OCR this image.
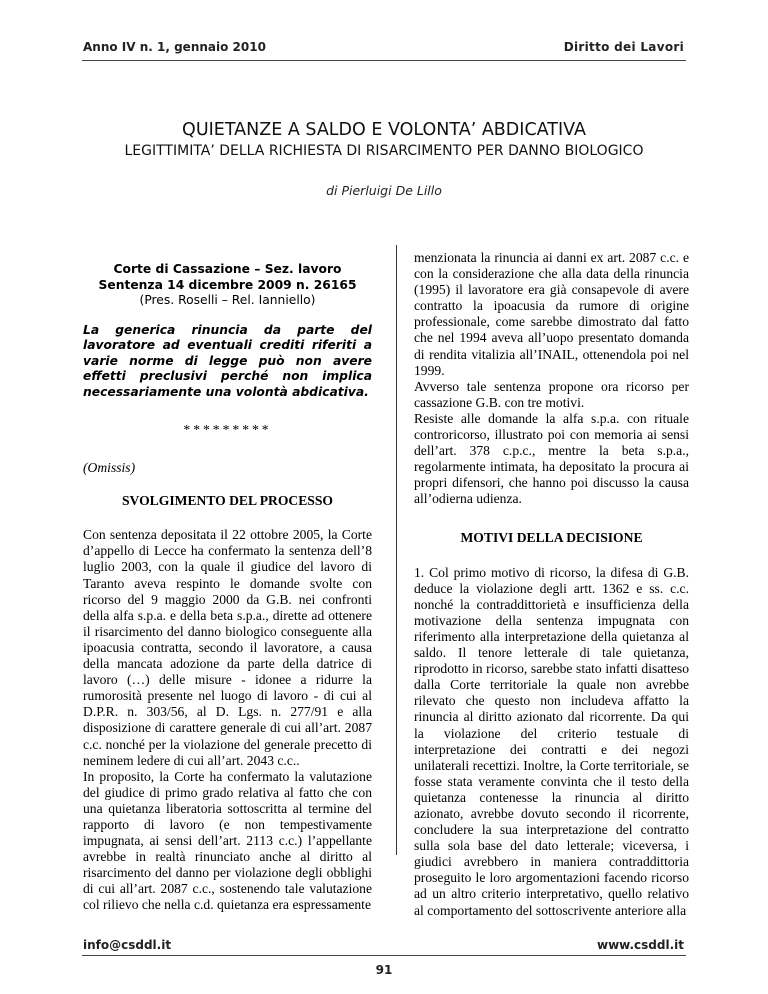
Anno IV n. 1, gennaio 2010	Diritto dei Lavori
QUIETANZE A SALDO E VOLONTA’ ABDICATIVA
LEGITTIMITA’ DELLA RICHIESTA DI RISARCIMENTO PER DANNO BIOLOGICO
di Pierluigi De Lillo
Corte di Cassazione – Sez. lavoro
Sentenza 14 dicembre 2009 n. 26165
(Pres. Roselli – Rel. Ianniello)
La generica rinuncia da parte del lavoratore ad eventuali crediti riferiti a varie norme di legge può non avere effetti preclusivi perché non implica necessariamente una volontà abdicativa.
*********
(Omissis)
SVOLGIMENTO DEL PROCESSO
Con sentenza depositata il 22 ottobre 2005, la Corte d’appello di Lecce ha confermato la sentenza dell’8 luglio 2003, con la quale il giudice del lavoro di Taranto aveva respinto le domande svolte con ricorso del 9 maggio 2000 da G.B. nei confronti della alfa s.p.a. e della beta s.p.a., dirette ad ottenere il risarcimento del danno biologico conseguente alla ipoacusia contratta, secondo il lavoratore, a causa della mancata adozione da parte della datrice di lavoro (…) delle misure - idonee a ridurre la rumorosità presente nel luogo di lavoro - di cui al D.P.R. n. 303/56, al D. Lgs. n. 277/91 e alla disposizione di carattere generale di cui all’art. 2087 c.c. nonché per la violazione del generale precetto di neminem ledere di cui all’art. 2043 c.c..
In proposito, la Corte ha confermato la valutazione del giudice di primo grado relativa al fatto che con una quietanza liberatoria sottoscritta al termine del rapporto di lavoro (e non tempestivamente impugnata, ai sensi dell’art. 2113 c.c.) l’appellante avrebbe in realtà rinunciato anche al diritto al risarcimento del danno per violazione degli obblighi di cui all’art. 2087 c.c., sostenendo tale valutazione col rilievo che nella c.d. quietanza era espressamente
menzionata la rinuncia ai danni ex art. 2087 c.c. e con la considerazione che alla data della rinuncia (1995) il lavoratore era già consapevole di avere contratto la ipoacusia da rumore di origine professionale, come sarebbe dimostrato dal fatto che nel 1994 aveva all’uopo presentato domanda di rendita vitalizia all’INAIL, ottenendola poi nel 1999.
Avverso tale sentenza propone ora ricorso per cassazione G.B. con tre motivi.
Resiste alle domande la alfa s.p.a. con rituale controricorso, illustrato poi con memoria ai sensi dell’art. 378 c.p.c., mentre la beta s.p.a., regolarmente intimata, ha depositato la procura ai propri difensori, che hanno poi discusso la causa all’odierna udienza.
MOTIVI DELLA DECISIONE
1. Col primo motivo di ricorso, la difesa di G.B. deduce la violazione degli artt. 1362 e ss. c.c. nonché la contraddittorietà e insufficienza della motivazione della sentenza impugnata con riferimento alla interpretazione della quietanza al saldo. Il tenore letterale di tale quietanza, riprodotto in ricorso, sarebbe stato infatti disatteso dalla Corte territoriale la quale non avrebbe rilevato che questo non includeva affatto la rinuncia al diritto azionato dal ricorrente. Da qui la violazione del criterio testuale di interpretazione dei contratti e dei negozi unilaterali recettizi. Inoltre, la Corte territoriale, se fosse stata veramente convinta che il testo della quietanza contenesse la rinuncia al diritto azionato, avrebbe dovuto secondo il ricorrente, concludere la sua interpretazione del contratto sulla sola base del dato letterale; viceversa, i giudici avrebbero in maniera contraddittoria proseguito le loro argomentazioni facendo ricorso ad un altro criterio interpretativo, quello relativo al comportamento del sottoscrivente anteriore alla
info@csddl.it	www.csddl.it
91
